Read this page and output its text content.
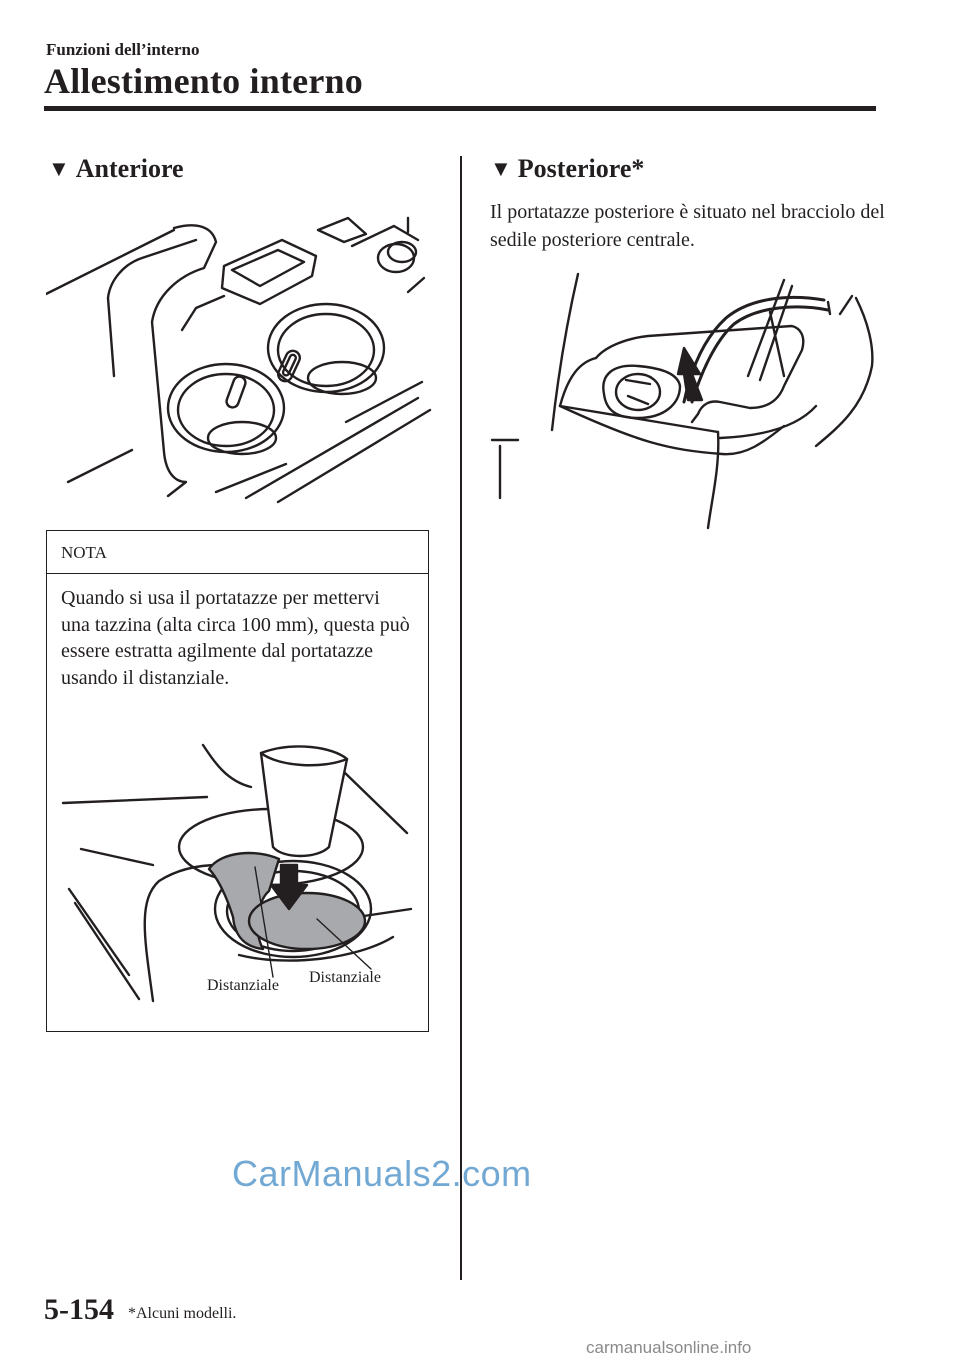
Funzioni dell’interno
Allestimento interno
▼ Anteriore
NOTA
Quando si usa il portatazze per mettervi una tazzina (alta circa 100 mm), questa può essere estratta agilmente dal portatazze usando il distanziale.
Distanziale Distanziale
▼ Posteriore*
Il portatazze posteriore è situato nel bracciolo del sedile posteriore centrale.
CarManuals2.com
5-154 *Alcuni modelli.
carmanualsonline.info
